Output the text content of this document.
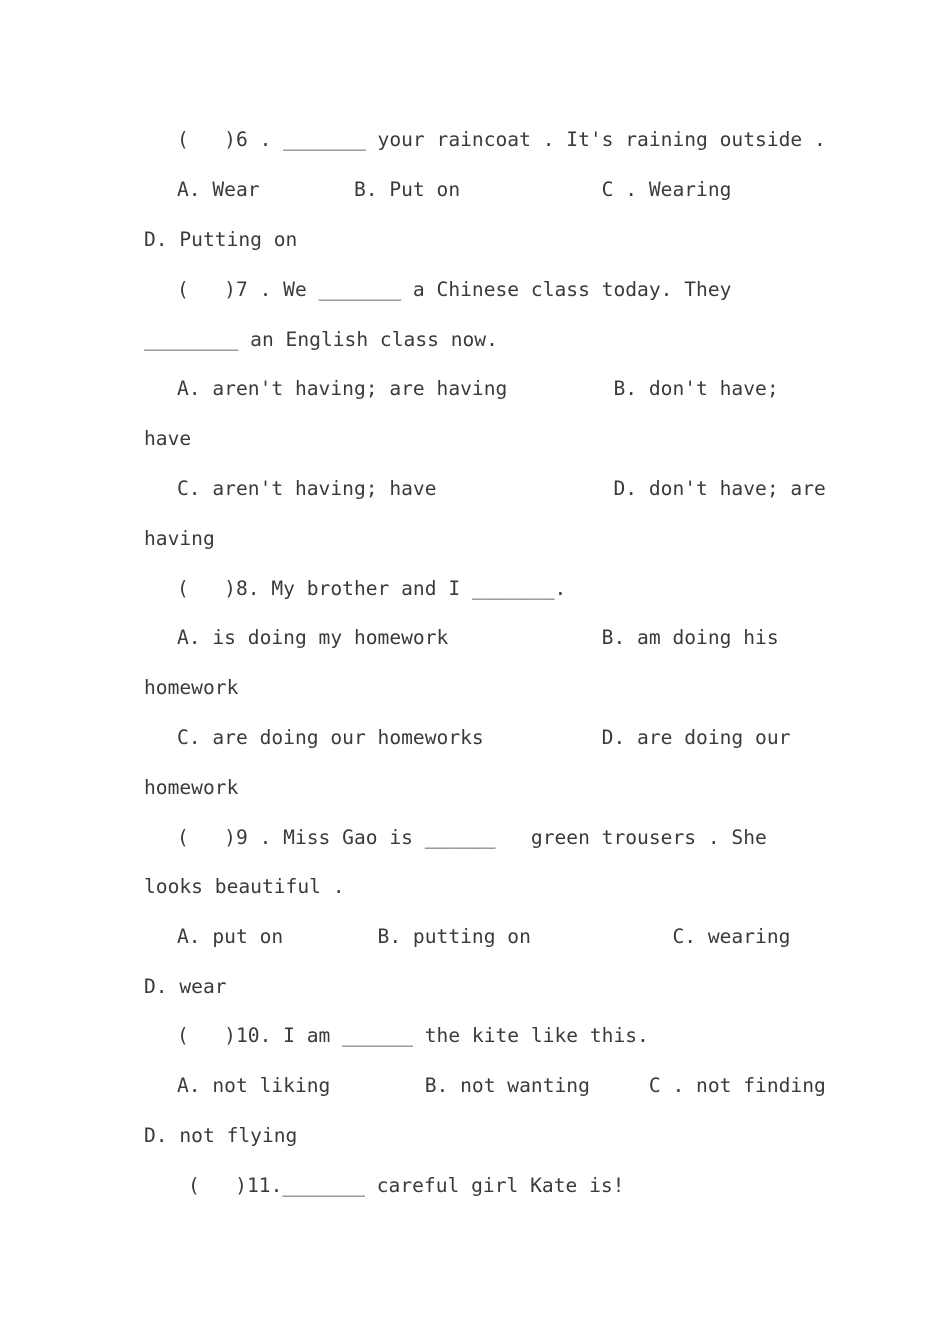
(   )6 . _______ your raincoat . It's raining outside .
A. Wear        B. Put on            C . Wearing
D. Putting on
(   )7 . We _______ a Chinese class today. They
________ an English class now.
A. aren't having; are having         B. don't have;
have
C. aren't having; have               D. don't have; are
having
(   )8. My brother and I _______.
A. is doing my homework             B. am doing his
homework
C. are doing our homeworks          D. are doing our
homework
(   )9 . Miss Gao is ______   green trousers . She
looks beautiful .
A. put on        B. putting on            C. wearing
D. wear
(   )10. I am ______ the kite like this.
A. not liking        B. not wanting     C . not finding
D. not flying
(   )11._______ careful girl Kate is!
